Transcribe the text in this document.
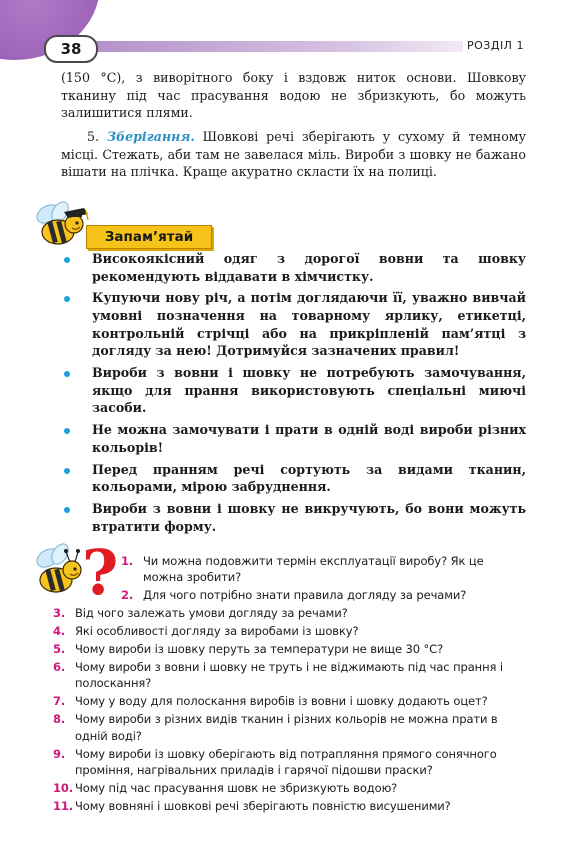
38	РОЗДІЛ 1
(150 °С), з виворітного боку і вздовж ниток основи. Шовкову тканину під час прасування водою не збризкують, бо можуть залишитися плями.
5. Зберігання. Шовкові речі зберігають у сухому й темному місці. Стежать, аби там не завелася міль. Вироби з шовку не бажано вішати на плічка. Краще акуратно скласти їх на полиці.
Запам’ятай
Високоякісний одяг з дорогої вовни та шовку рекомендують віддавати в хімчистку.
Купуючи нову річ, а потім доглядаючи її, уважно вивчай умовні позначення на товарному ярлику, етикетці, контрольній стрічці або на прикріпленій пам’ятці з догляду за нею! Дотримуйся зазначених правил!
Вироби з вовни і шовку не потребують замочування, якщо для прання використовують спеціальні миючі засоби.
Не можна замочувати і прати в одній воді вироби різних кольорів!
Перед пранням речі сортують за видами тканин, кольорами, мірою забруднення.
Вироби з вовни і шовку не викручують, бо вони можуть втратити форму.
? 1. Чи можна подовжити термін експлуатації виробу? Як це можна зробити?
2. Для чого потрібно знати правила догляду за речами?
3. Від чого залежать умови догляду за речами?
4. Які особливості догляду за виробами із шовку?
5. Чому вироби із шовку перуть за температури не вище 30 °С?
6. Чому вироби з вовни і шовку не труть і не віджимають під час прання і полоскання?
7. Чому у воду для полоскання виробів із вовни і шовку додають оцет?
8. Чому вироби з різних видів тканин і різних кольорів не можна прати в одній воді?
9. Чому вироби із шовку оберігають від потрапляння прямого сонячного проміння, нагрівальних приладів і гарячої підошви праски?
10. Чому під час прасування шовк не збризкують водою?
11. Чому вовняні і шовкові речі зберігають повністю висушеними?
